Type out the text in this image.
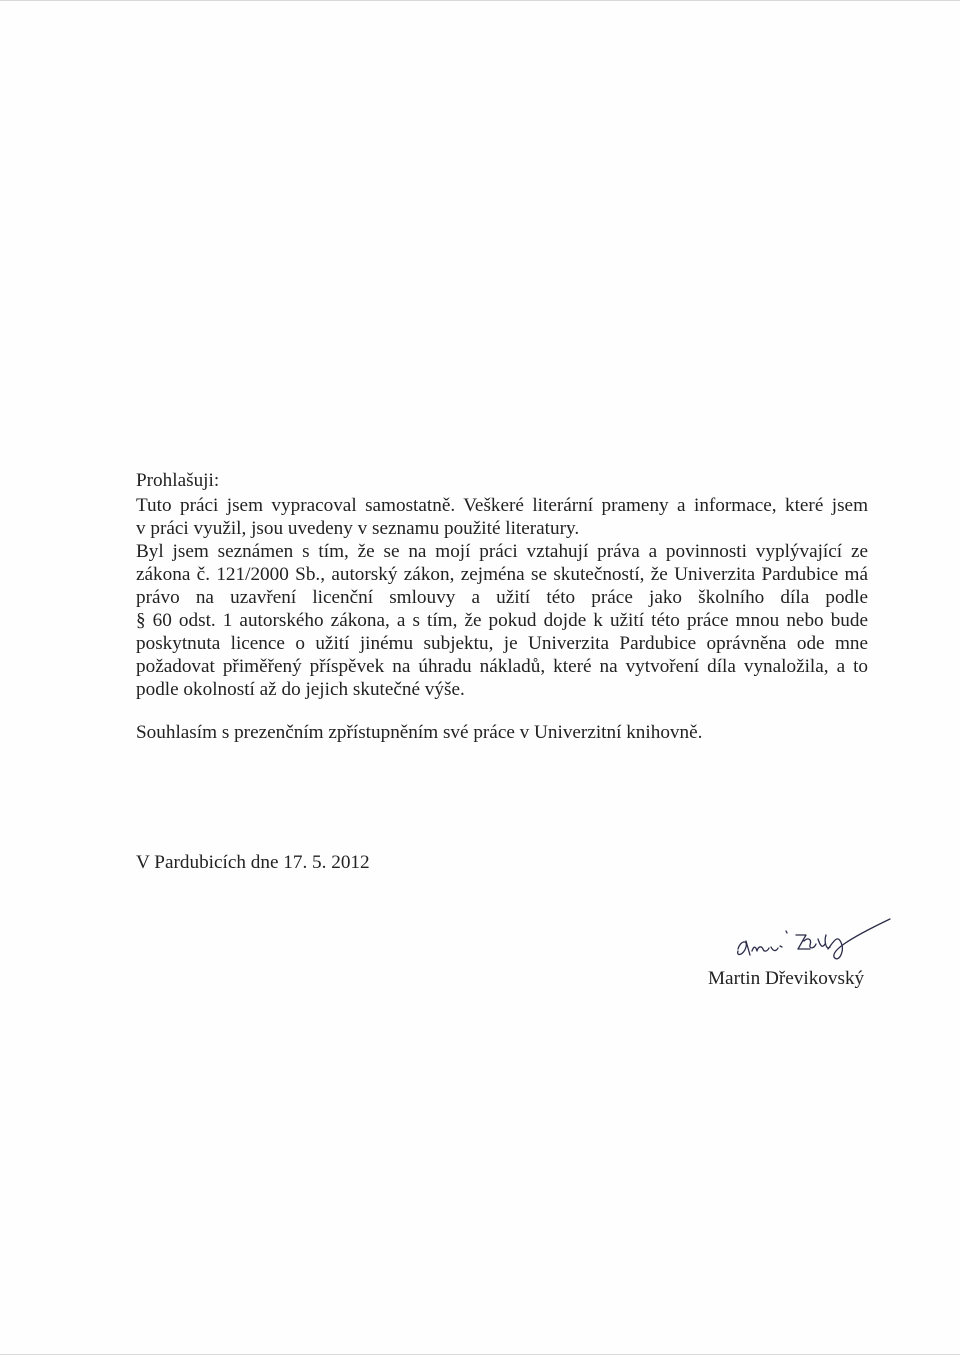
Prohlašuji:

Tuto práci jsem vypracoval samostatně. Veškeré literární prameny a informace, které jsem
v práci využil, jsou uvedeny v seznamu použité literatury.
Byl jsem seznámen s tím, že se na mojí práci vztahují práva a povinnosti vyplývající ze
zákona č. 121/2000 Sb., autorský zákon, zejména se skutečností, že Univerzita Pardubice má
právo na uzavření licenční smlouvy a užití této práce jako školního díla podle
§ 60 odst. 1 autorského zákona, a s tím, že pokud dojde k užití této práce mnou nebo bude
poskytnuta licence o užití jinému subjektu, je Univerzita Pardubice oprávněna ode mne
požadovat přiměřený příspěvek na úhradu nákladů, které na vytvoření díla vynaložila, a to
podle okolností až do jejich skutečné výše.

Souhlasím s prezenčním zpřístupněním své práce v Univerzitní knihovně.

V Pardubicích dne 17. 5. 2012

Martin Dřevikovský
